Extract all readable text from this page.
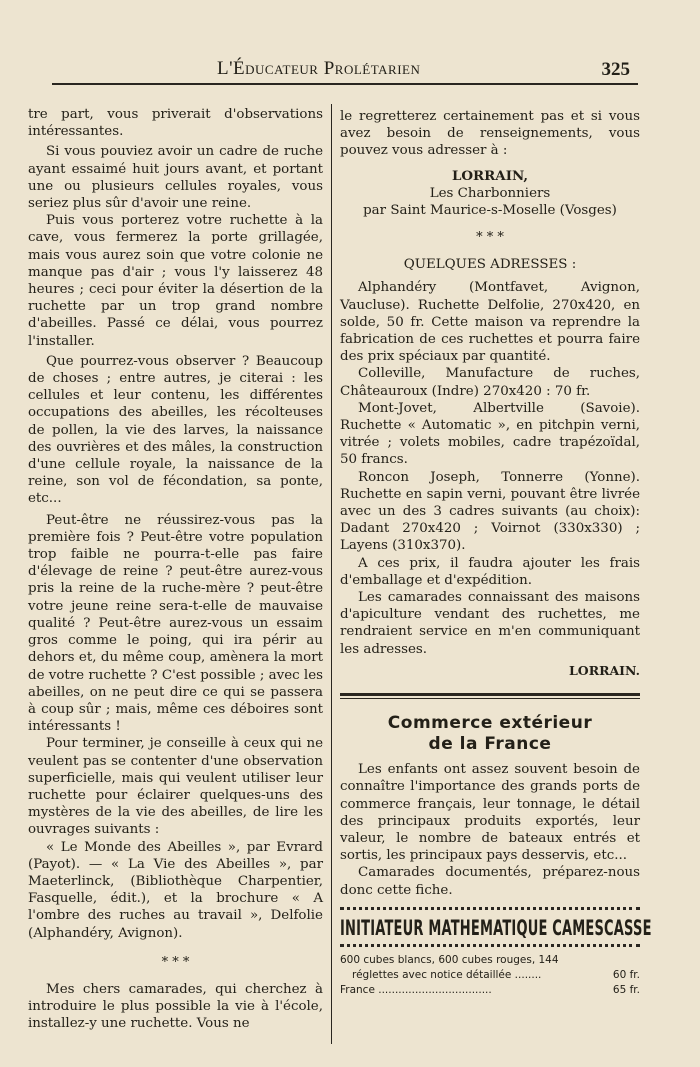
L'Éducateur Prolétarien	325

tre part, vous priverait d'observations intéressantes.

Si vous pouviez avoir un cadre de ruche ayant essaimé huit jours avant, et portant une ou plusieurs cellules royales, vous seriez plus sûr d'avoir une reine.

Puis vous porterez votre ruchette à la cave, vous fermerez la porte grillagée, mais vous aurez soin que votre colonie ne manque pas d'air ; vous l'y laisserez 48 heures ; ceci pour éviter la désertion de la ruchette par un trop grand nombre d'abeilles. Passé ce délai, vous pourrez l'installer.

Que pourrez-vous observer ? Beaucoup de choses ; entre autres, je citerai : les cellules et leur contenu, les différentes occupations des abeilles, les récolteuses de pollen, la vie des larves, la naissance des ouvrières et des mâles, la construction d'une cellule royale, la naissance de la reine, son vol de fécondation, sa ponte, etc...

Peut-être ne réussirez-vous pas la première fois ? Peut-être votre population trop faible ne pourra-t-elle pas faire d'élevage de reine ? peut-être aurez-vous pris la reine de la ruche-mère ? peut-être votre jeune reine sera-t-elle de mauvaise qualité ? Peut-être aurez-vous un essaim gros comme le poing, qui ira périr au dehors et, du même coup, amènera la mort de votre ruchette ? C'est possible ; avec les abeilles, on ne peut dire ce qui se passera à coup sûr ; mais, même ces déboires sont intéressants !

Pour terminer, je conseille à ceux qui ne veulent pas se contenter d'une observation superficielle, mais qui veulent utiliser leur ruchette pour éclairer quelques-uns des mystères de la vie des abeilles, de lire les ouvrages suivants :

« Le Monde des Abeilles », par Evrard (Payot). — « La Vie des Abeilles », par Maeterlinck, (Bibliothèque Charpentier, Fasquelle, édit.), et la brochure « A l'ombre des ruches au travail », Delfolie (Alphandéry, Avignon).

* * *

Mes chers camarades, qui cherchez à introduire le plus possible la vie à l'école, installez-y une ruchette. Vous ne

le regretterez certainement pas et si vous avez besoin de renseignements, vous pouvez vous adresser à :

LORRAIN,

Les Charbonniers

par Saint Maurice-s-Moselle (Vosges)

* * *

QUELQUES ADRESSES :

Alphandéry (Montfavet, Avignon, Vaucluse). Ruchette Delfolie, 270x420, en solde, 50 fr. Cette maison va reprendre la fabrication de ces ruchettes et pourra faire des prix spéciaux par quantité.

Colleville, Manufacture de ruches, Châteauroux (Indre) 270x420 : 70 fr.

Mont-Jovet, Albertville (Savoie). Ruchette « Automatic », en pitchpin verni, vitrée ; volets mobiles, cadre trapézoïdal, 50 francs.

Roncon Joseph, Tonnerre (Yonne). Ruchette en sapin verni, pouvant être livrée avec un des 3 cadres suivants (au choix): Dadant 270x420 ; Voirnot (330x330) ; Layens (310x370).

A ces prix, il faudra ajouter les frais d'emballage et d'expédition.

Les camarades connaissant des maisons d'apiculture vendant des ruchettes, me rendraient service en m'en communiquant les adresses.

LORRAIN.
Commerce extérieur
de la France

Les enfants ont assez souvent besoin de connaître l'importance des grands ports de commerce français, leur tonnage, le détail des principaux produits exportés, leur valeur, le nombre de bateaux entrés et sortis, les principaux pays desservis, etc...

Camarades documentés, préparez-nous donc cette fiche.

INITIATEUR MATHEMATIQUE CAMESCASSE
600 cubes blancs, 600 cubes rouges, 144
réglettes avec notice détaillée ........	60 fr.
France ..................................	65 fr.
